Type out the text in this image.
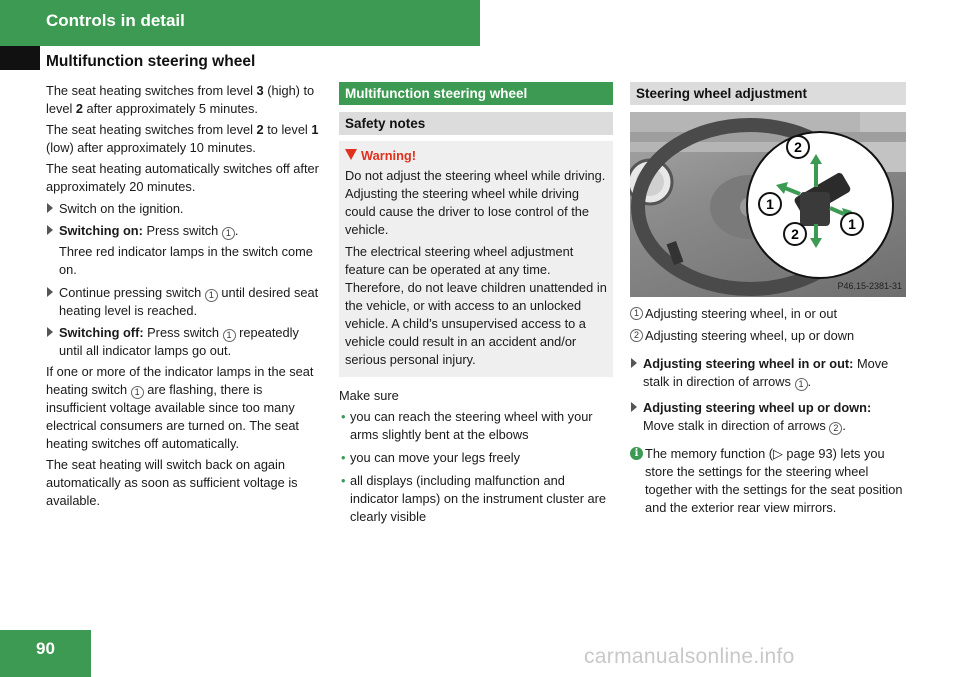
Controls in detail
Multifunction steering wheel
The seat heating switches from level 3 (high) to level 2 after approximately 5 minutes.
The seat heating switches from level 2 to level 1 (low) after approximately 10 minutes.
The seat heating automatically switches off after approximately 20 minutes.
Switch on the ignition.
Switching on: Press switch 1 .
Three red indicator lamps in the switch come on.
Continue pressing switch 1 until desired seat heating level is reached.
Switching off: Press switch 1 repeatedly until all indicator lamps go out.
If one or more of the indicator lamps in the seat heating switch 1 are flashing, there is insufficient voltage available since too many electrical consumers are turned on. The seat heating switches off automatically.
The seat heating will switch back on again automatically as soon as sufficient voltage is available.
Multifunction steering wheel
Safety notes
Warning!
Do not adjust the steering wheel while driving. Adjusting the steering wheel while driving could cause the driver to lose control of the vehicle.
The electrical steering wheel adjustment feature can be operated at any time. Therefore, do not leave children unattended in the vehicle, or with access to an unlocked vehicle. A child’s unsupervised access to a vehicle could result in an accident and/or serious personal injury.
Make sure
• you can reach the steering wheel with your arms slightly bent at the elbows
• you can move your legs freely
• all displays (including malfunction and indicator lamps) on the instrument cluster are clearly visible
Steering wheel adjustment
2
1
2
1
P46.15-2381-31
1 Adjusting steering wheel, in or out
2 Adjusting steering wheel, up or down
Adjusting steering wheel in or out: Move stalk in direction of arrows 1 .
Adjusting steering wheel up or down:
Move stalk in direction of arrows 2 .
i The memory function (▷ page 93) lets you store the settings for the steering wheel together with the settings for the seat position and the exterior rear view mirrors.
90	carmanualsonline.info
